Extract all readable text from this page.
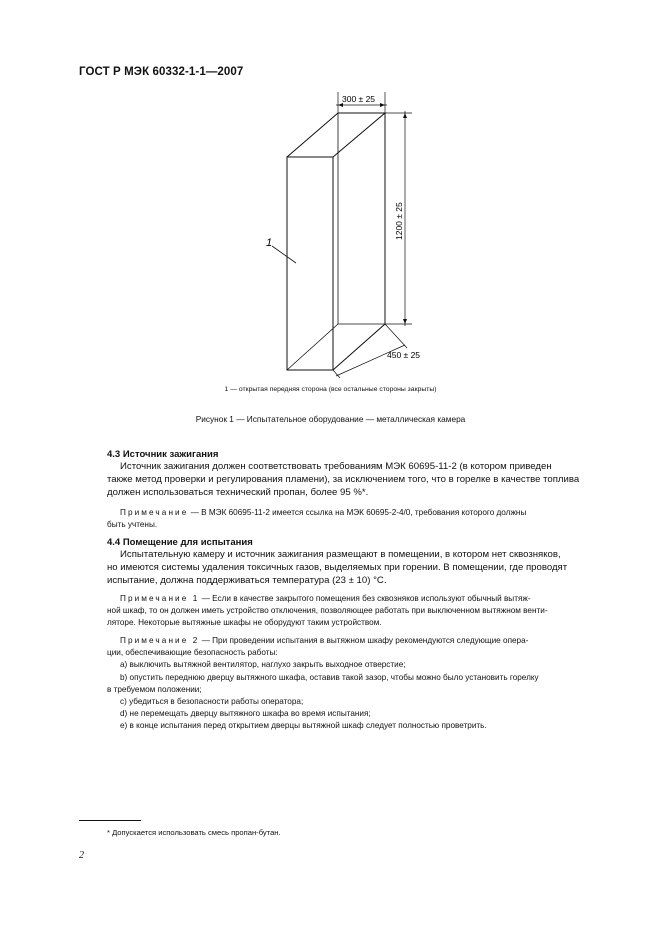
ГОСТ Р МЭК 60332-1-1—2007
300 ± 25
1200 ± 25
450 ± 25
1
1 — открытая передняя сторона (все остальные стороны закрыты)
Рисунок 1 — Испытательное оборудование — металлическая камера
4.3 Источник зажигания
Источник зажигания должен соответствовать требованиям МЭК 60695-11-2 (в котором приведен
также метод проверки и регулирования пламени), за исключением того, что в горелке в качестве топлива
должен использоваться технический пропан, более 95 %*.
Примечание — В МЭК 60695-11-2 имеется ссылка на МЭК 60695-2-4/0, требования которого должны
быть учтены.
4.4 Помещение для испытания
Испытательную камеру и источник зажигания размещают в помещении, в котором нет сквозняков,
но имеются системы удаления токсичных газов, выделяемых при горении. В помещении, где проводят
испытание, должна поддерживаться температура (23 ± 10) °С.
Примечание 1 — Если в качестве закрытого помещения без сквозняков используют обычный вытяж-
ной шкаф, то он должен иметь устройство отключения, позволяющее работать при выключенном вытяжном венти-
ляторе. Некоторые вытяжные шкафы не оборудуют таким устройством.
Примечание 2 — При проведении испытания в вытяжном шкафу рекомендуются следующие опера-
ции, обеспечивающие безопасность работы:
a) выключить вытяжной вентилятор, наглухо закрыть выходное отверстие;
b) опустить переднюю дверцу вытяжного шкафа, оставив такой зазор, чтобы можно было установить горелку
в требуемом положении;
c) убедиться в безопасности работы оператора;
d) не перемещать дверцу вытяжного шкафа во время испытания;
e) в конце испытания перед открытием дверцы вытяжной шкаф следует полностью проветрить.
* Допускается использовать смесь пропан-бутан.
2
